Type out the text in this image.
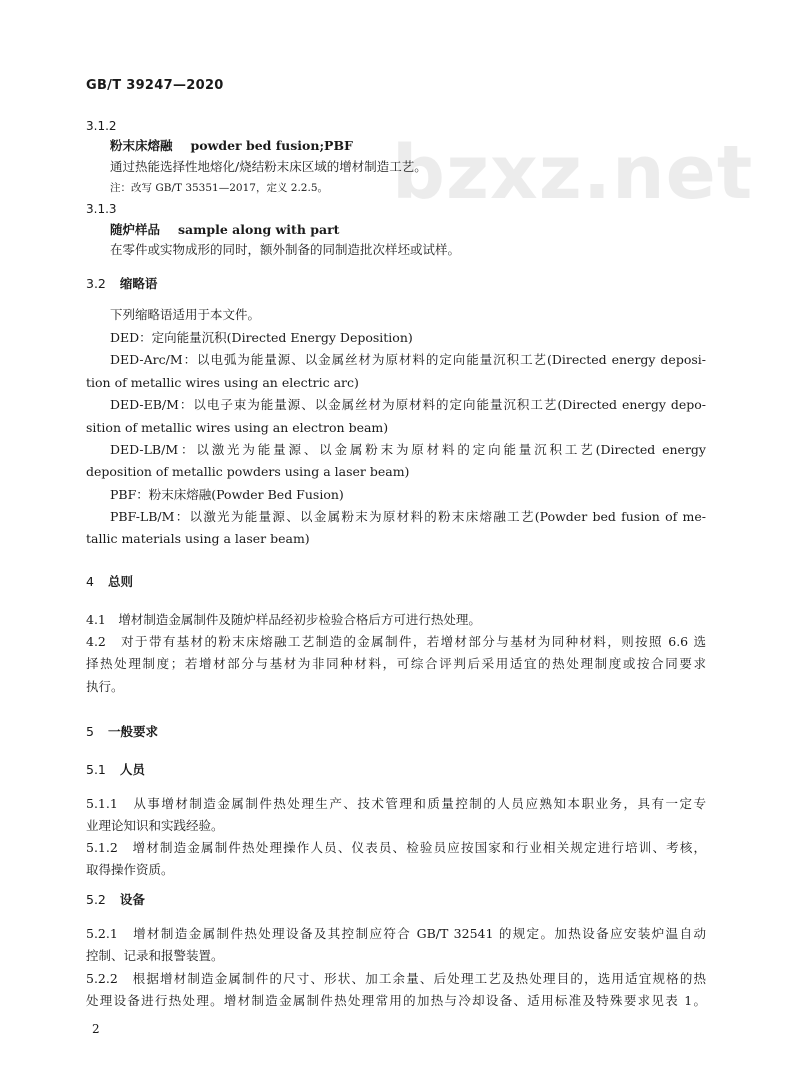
bzxz.net
GB/T 39247—2020
3.1.2
粉末床熔融 powder bed fusion;PBF
通过热能选择性地熔化/烧结粉末床区域的增材制造工艺。
注：改写 GB/T 35351—2017，定义 2.2.5。
3.1.3
随炉样品 sample along with part
在零件或实物成形的同时，额外制备的同制造批次样坯或试样。
3.2 缩略语
下列缩略语适用于本文件。
DED：定向能量沉积(Directed Energy Deposition)
DED-Arc/M：以电弧为能量源、以金属丝材为原材料的定向能量沉积工艺(Directed energy deposi-
tion of metallic wires using an electric arc)
DED-EB/M：以电子束为能量源、以金属丝材为原材料的定向能量沉积工艺(Directed energy depo-
sition of metallic wires using an electron beam)
DED-LB/M：以激光为能量源、以金属粉末为原材料的定向能量沉积工艺(Directed energy
deposition of metallic powders using a laser beam)
PBF：粉末床熔融(Powder Bed Fusion)
PBF-LB/M：以激光为能量源、以金属粉末为原材料的粉末床熔融工艺(Powder bed fusion of me-
tallic materials using a laser beam)
4 总则
4.1　增材制造金属制件及随炉样品经初步检验合格后方可进行热处理。
4.2　对于带有基材的粉末床熔融工艺制造的金属制件，若增材部分与基材为同种材料，则按照 6.6 选
择热处理制度；若增材部分与基材为非同种材料，可综合评判后采用适宜的热处理制度或按合同要求
执行。
5 一般要求
5.1 人员
5.1.1　从事增材制造金属制件热处理生产、技术管理和质量控制的人员应熟知本职业务，具有一定专
业理论知识和实践经验。
5.1.2　增材制造金属制件热处理操作人员、仪表员、检验员应按国家和行业相关规定进行培训、考核，
取得操作资质。
5.2 设备
5.2.1　增材制造金属制件热处理设备及其控制应符合 GB/T 32541 的规定。加热设备应安装炉温自动
控制、记录和报警装置。
5.2.2　根据增材制造金属制件的尺寸、形状、加工余量、后处理工艺及热处理目的，选用适宜规格的热
处理设备进行热处理。增材制造金属制件热处理常用的加热与冷却设备、适用标准及特殊要求见表 1。
2
